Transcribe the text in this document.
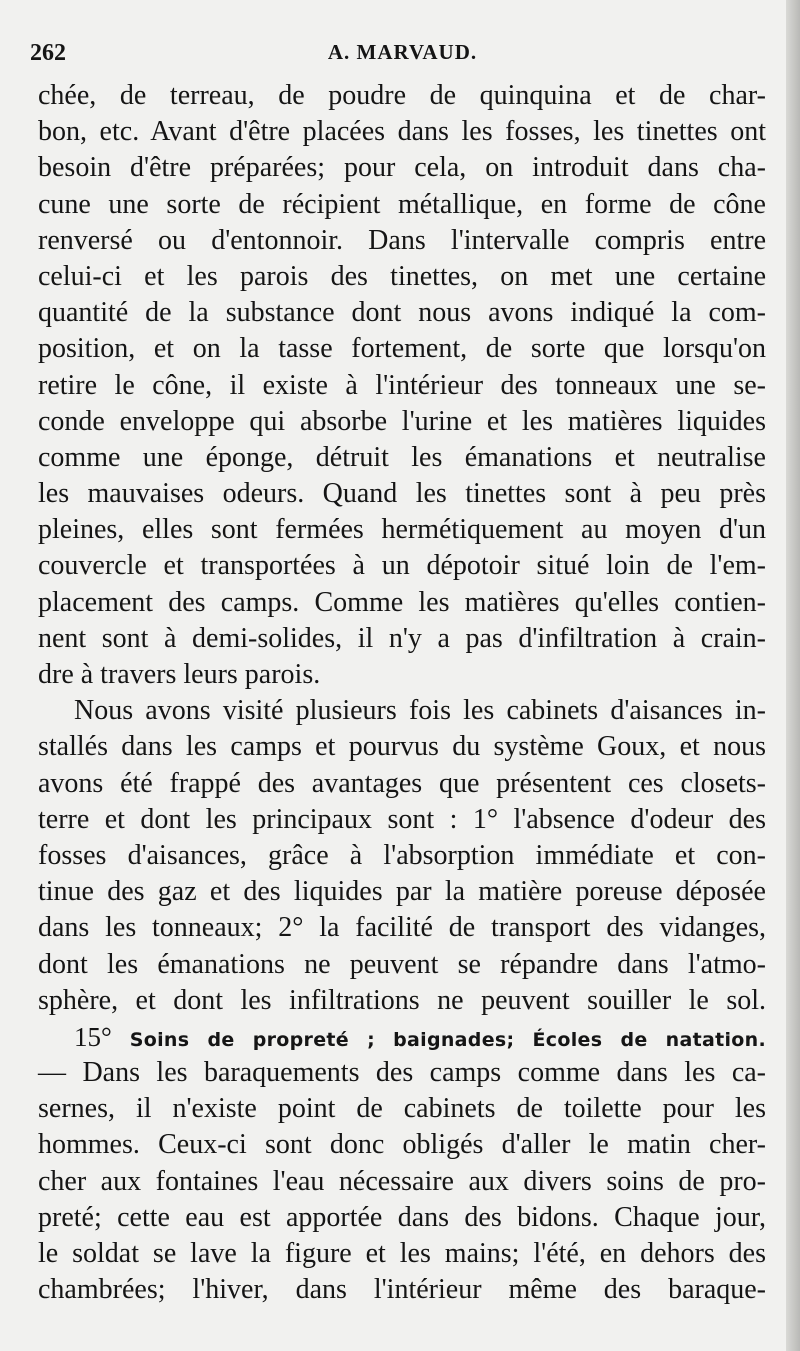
262	A. MARVAUD.
chée, de terreau, de poudre de quinquina et de char-
bon, etc. Avant d'être placées dans les fosses, les tinettes ont
besoin d'être préparées; pour cela, on introduit dans cha-
cune une sorte de récipient métallique, en forme de cône
renversé ou d'entonnoir. Dans l'intervalle compris entre
celui-ci et les parois des tinettes, on met une certaine
quantité de la substance dont nous avons indiqué la com-
position, et on la tasse fortement, de sorte que lorsqu'on
retire le cône, il existe à l'intérieur des tonneaux une se-
conde enveloppe qui absorbe l'urine et les matières liquides
comme une éponge, détruit les émanations et neutralise
les mauvaises odeurs. Quand les tinettes sont à peu près
pleines, elles sont fermées hermétiquement au moyen d'un
couvercle et transportées à un dépotoir situé loin de l'em-
placement des camps. Comme les matières qu'elles contien-
nent sont à demi-solides, il n'y a pas d'infiltration à crain-
dre à travers leurs parois.
Nous avons visité plusieurs fois les cabinets d'aisances in-
stallés dans les camps et pourvus du système Goux, et nous
avons été frappé des avantages que présentent ces closets-
terre et dont les principaux sont : 1° l'absence d'odeur des
fosses d'aisances, grâce à l'absorption immédiate et con-
tinue des gaz et des liquides par la matière poreuse déposée
dans les tonneaux; 2° la facilité de transport des vidanges,
dont les émanations ne peuvent se répandre dans l'atmo-
sphère, et dont les infiltrations ne peuvent souiller le sol.
15° Soins de propreté ; baignades; Écoles de natation.
— Dans les baraquements des camps comme dans les ca-
sernes, il n'existe point de cabinets de toilette pour les
hommes. Ceux-ci sont donc obligés d'aller le matin cher-
cher aux fontaines l'eau nécessaire aux divers soins de pro-
preté; cette eau est apportée dans des bidons. Chaque jour,
le soldat se lave la figure et les mains; l'été, en dehors des
chambrées; l'hiver, dans l'intérieur même des baraque-
